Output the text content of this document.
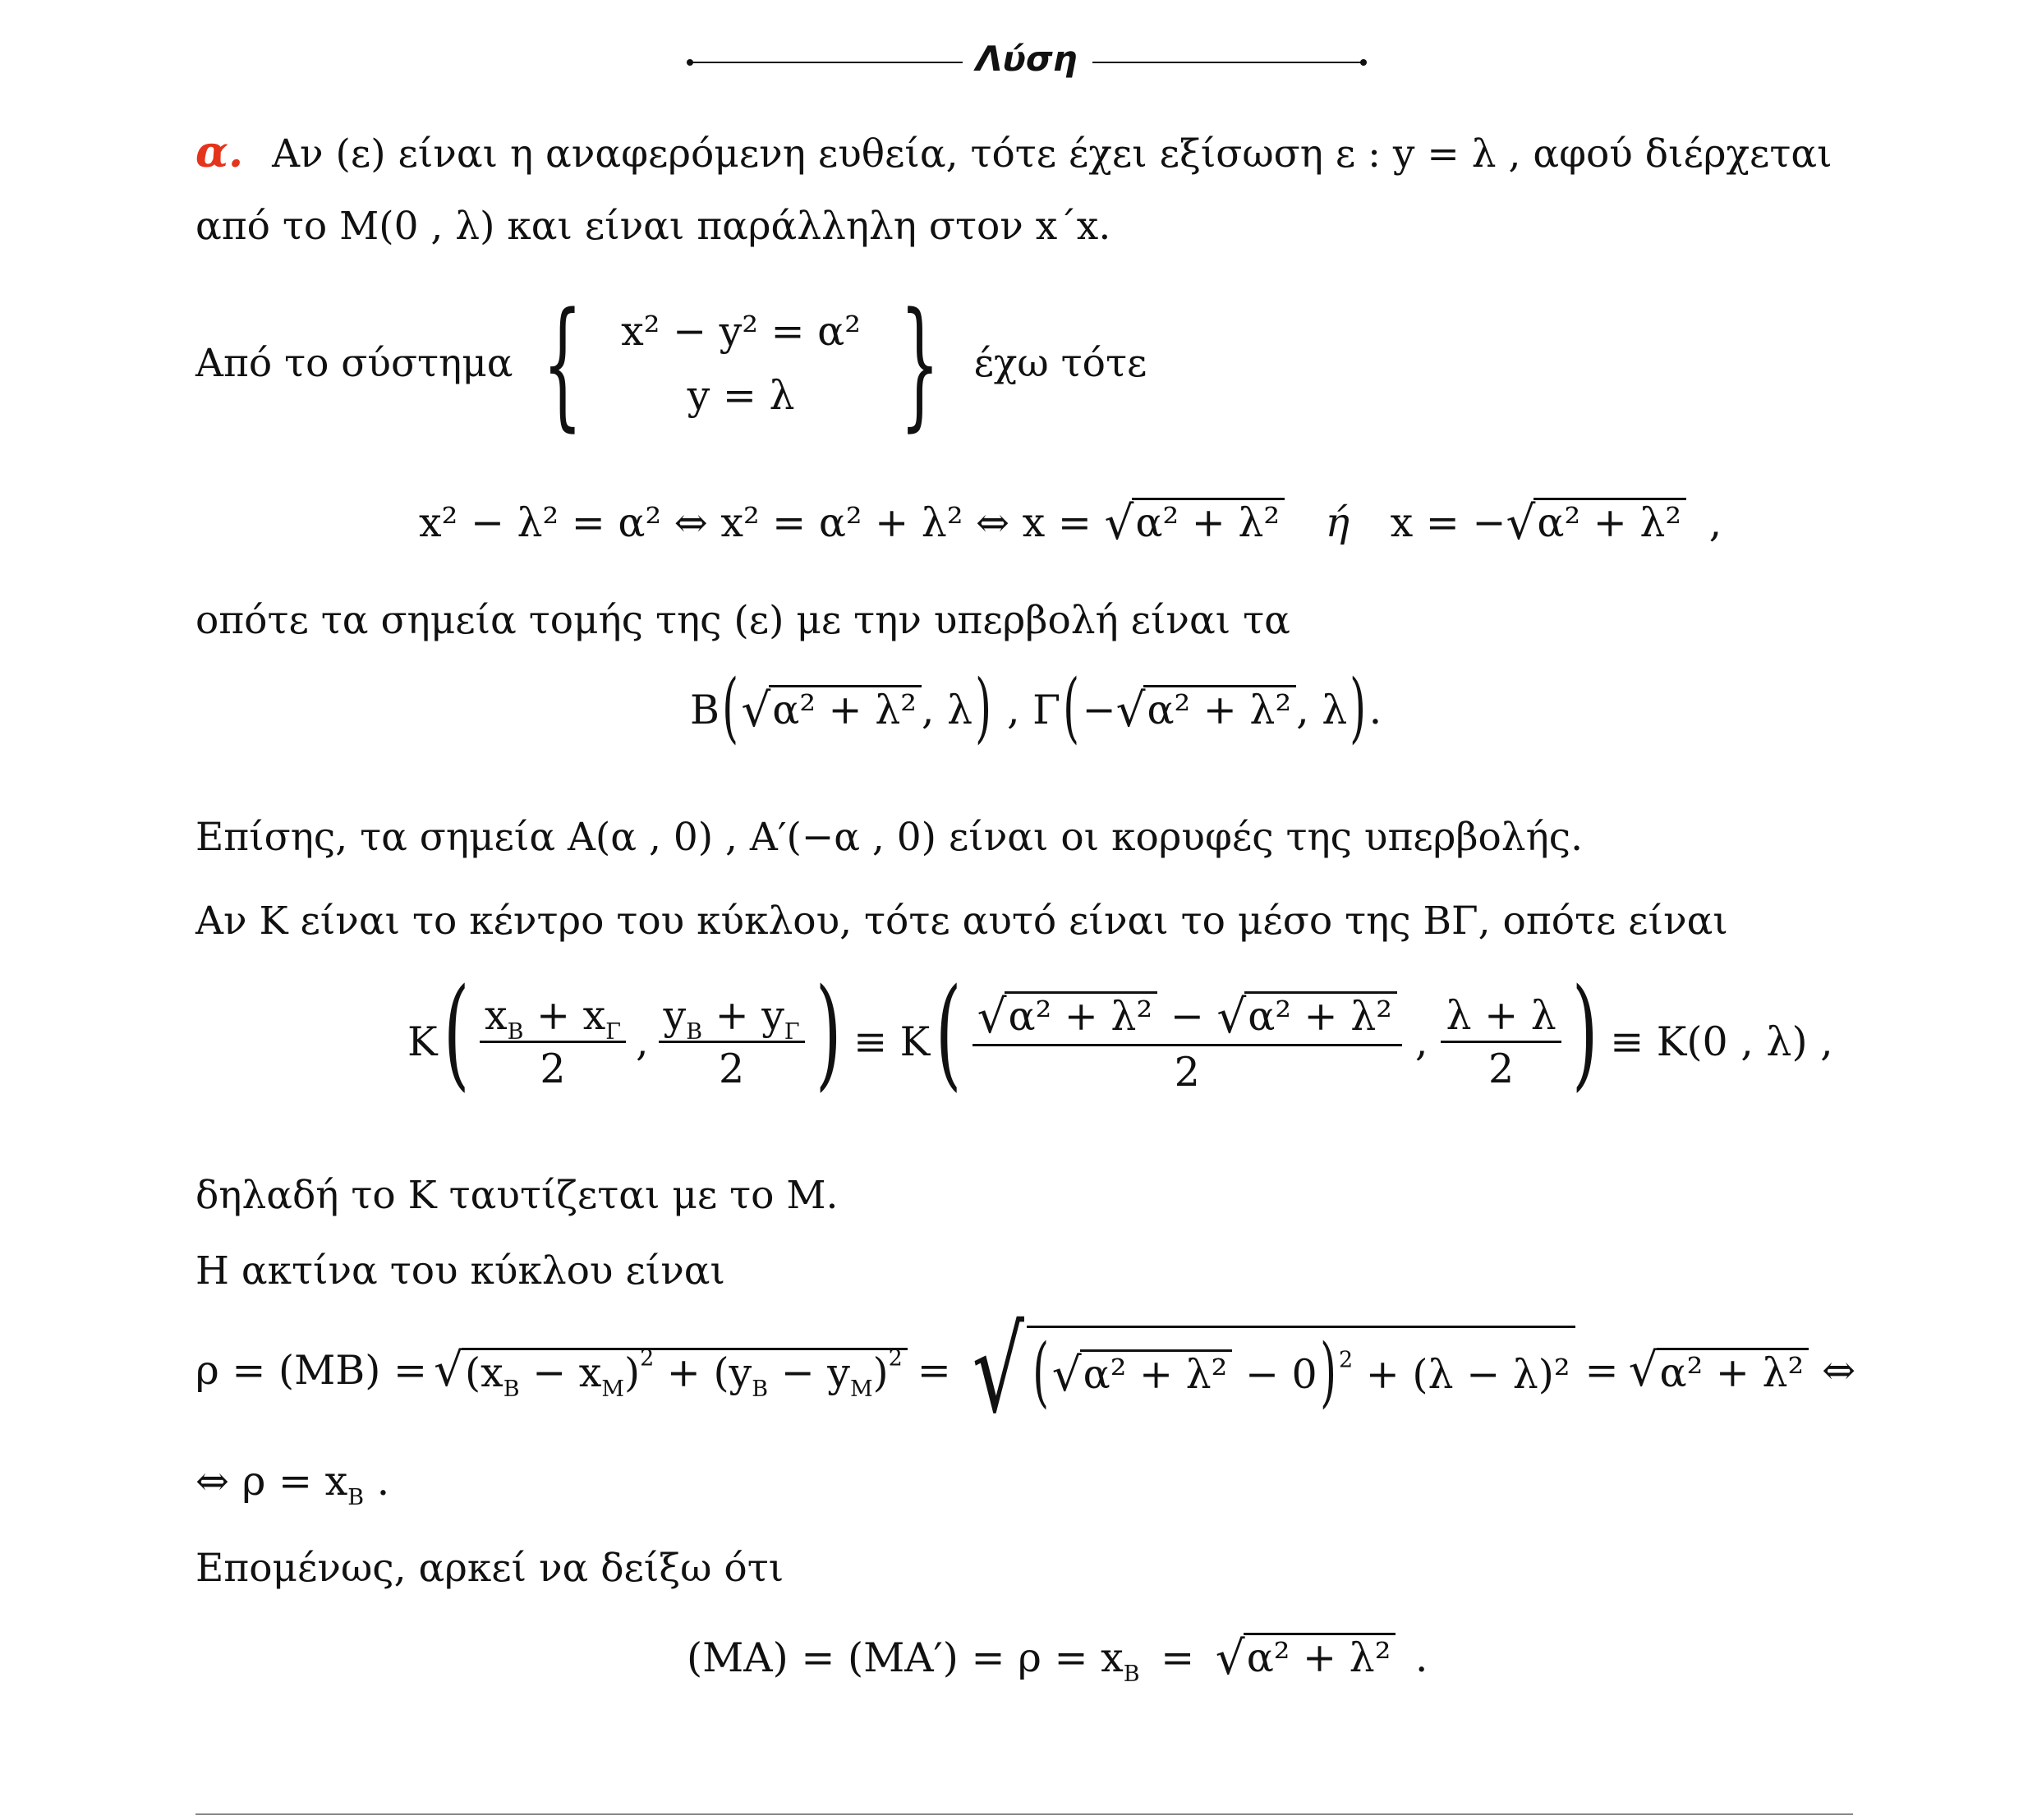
Λύση
α. Αν (ε) είναι η αναφερόμενη ευθεία, τότε έχει εξίσωση ε : y = λ , αφού διέρχεται
από το Μ(0 , λ) και είναι παράλληλη στον x΄x.
Από το σύστημα { x² − y² = α²
y = λ } έχω τότε
x² − λ² = α² ⇔ x² = α² + λ² ⇔ x = √α² + λ² ή x = −√α² + λ² ,
οπότε τα σημεία τομής της (ε) με την υπερβολή είναι τα
Β(√α² + λ² , λ) , Γ(−√α² + λ² , λ).
Επίσης, τα σημεία Α(α , 0) , Α′(−α , 0) είναι οι κορυφές της υπερβολής.
Αν Κ είναι το κέντρο του κύκλου, τότε αυτό είναι το μέσο της ΒΓ, οπότε είναι
Κ ( $\frac{x_B + x_\Gamma}{2}$ , $\frac{y_B + y_\Gamma}{2}$ ) ≡ Κ ( $\frac{\text{√α² + λ² − √α² + λ²}}{2}$ , $\frac{\lambda + \lambda}{2}$ ) ≡ Κ(0 , λ) ,
δηλαδή το Κ ταυτίζεται με το Μ.
Η ακτίνα του κύκλου είναι
ρ = (ΜΒ) = √ $(x_B - x_M)^2 + (y_B - y_M)^2$ = √ (√α² + λ² − 0) $^2$ + (λ − λ)² = √ α² + λ² ⇔
⇔ $\rho = x_B$ .
Επομένως, αρκεί να δείξω ότι
$(MA) = (MA') = \rho = x_B = √\alpha^2 + \lambda^2$ .
